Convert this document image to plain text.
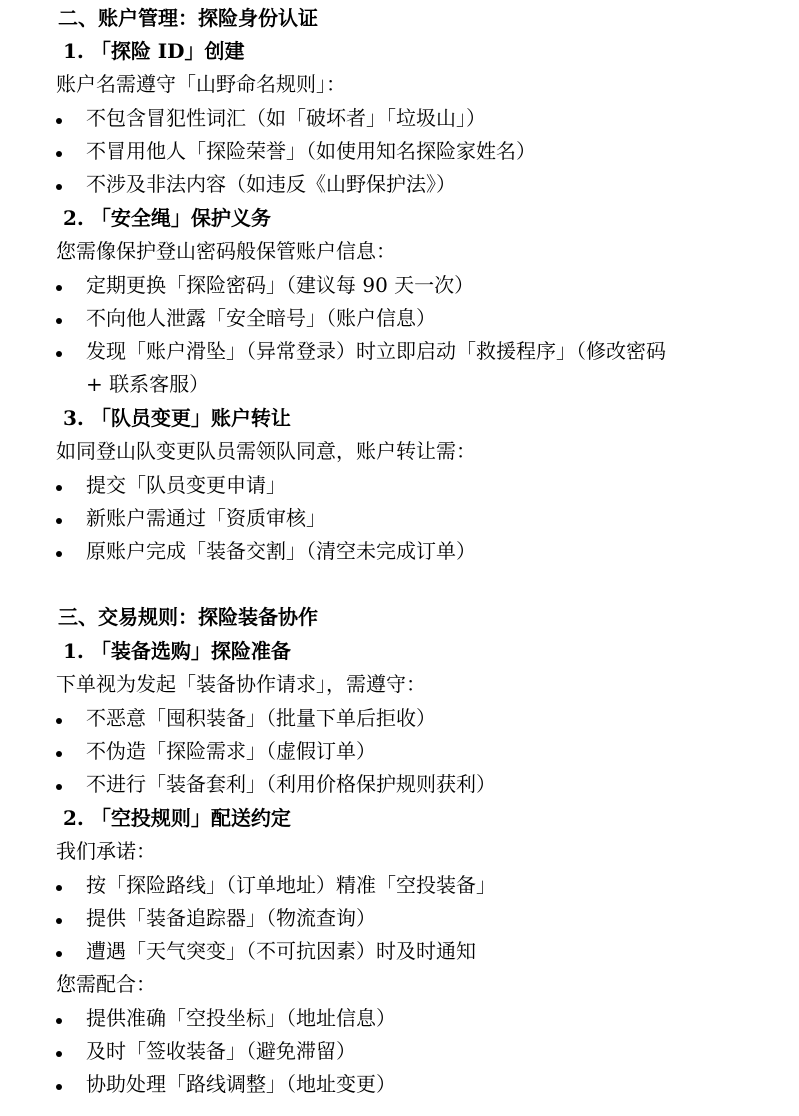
二、账户管理：探险身份认证
1. 「探险 ID」创建
账户名需遵守「山野命名规则」：
不包含冒犯性词汇（如「破坏者」「垃圾山」）
不冒用他人「探险荣誉」（如使用知名探险家姓名）
不涉及非法内容（如违反《山野保护法》）
2. 「安全绳」保护义务
您需像保护登山密码般保管账户信息：
定期更换「探险密码」（建议每 90 天一次）
不向他人泄露「安全暗号」（账户信息）
发现「账户滑坠」（异常登录）时立即启动「救援程序」（修改密码
+ 联系客服）
3. 「队员变更」账户转让
如同登山队变更队员需领队同意，账户转让需：
提交「队员变更申请」
新账户需通过「资质审核」
原账户完成「装备交割」（清空未完成订单）
三、交易规则：探险装备协作
1. 「装备选购」探险准备
下单视为发起「装备协作请求」，需遵守：
不恶意「囤积装备」（批量下单后拒收）
不伪造「探险需求」（虚假订单）
不进行「装备套利」（利用价格保护规则获利）
2. 「空投规则」配送约定
我们承诺：
按「探险路线」（订单地址）精准「空投装备」
提供「装备追踪器」（物流查询）
遭遇「天气突变」（不可抗因素）时及时通知
您需配合：
提供准确「空投坐标」（地址信息）
及时「签收装备」（避免滞留）
协助处理「路线调整」（地址变更）
